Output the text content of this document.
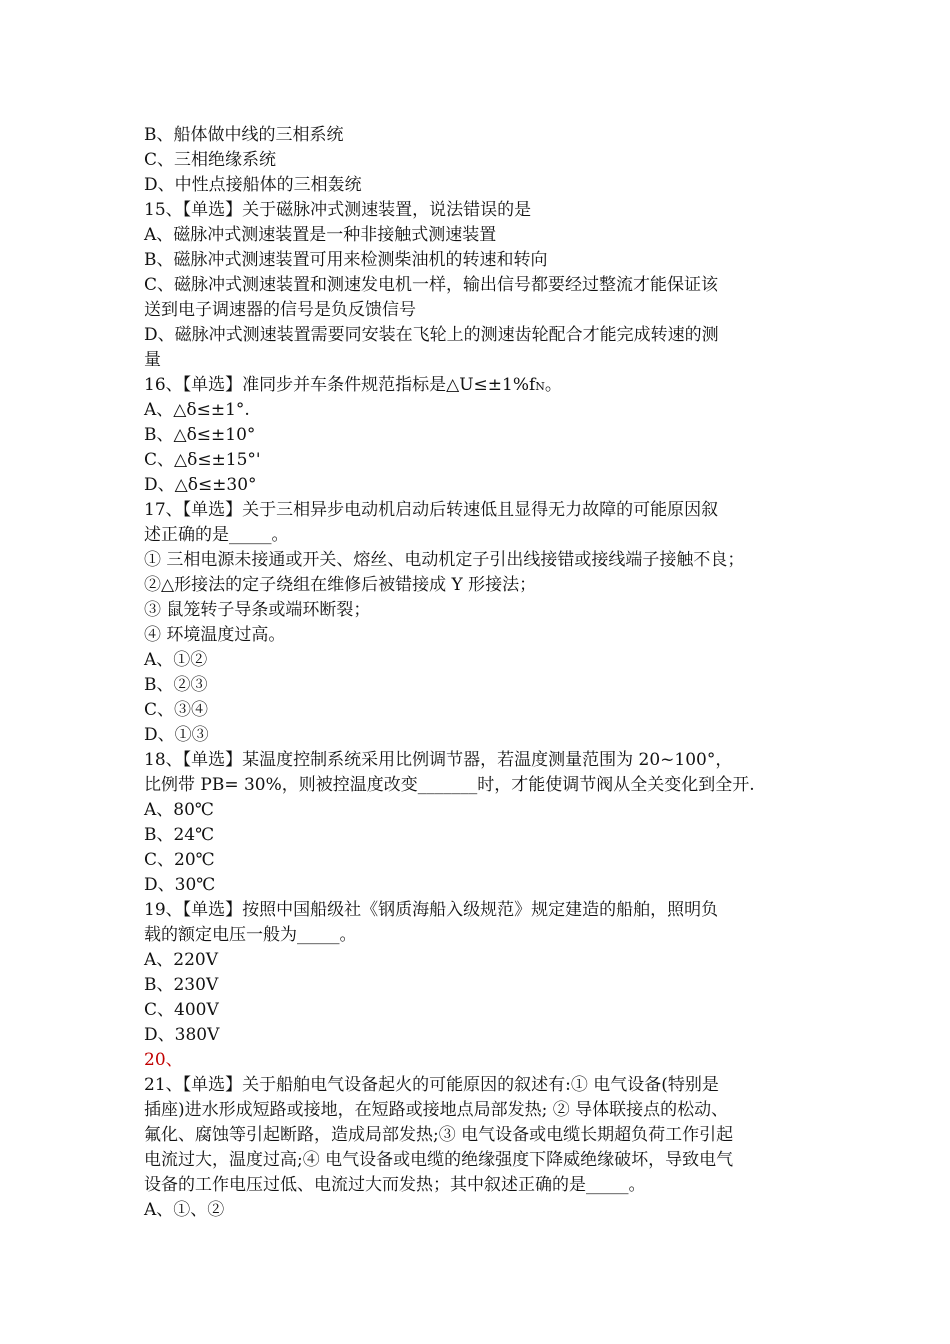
B、船体做中线的三相系统
C、三相绝缘系统
D、中性点接船体的三相轰统
15、【单选】关于磁脉冲式测速装置，说法错误的是
A、磁脉冲式测速装置是一种非接触式测速装置
B、磁脉冲式测速装置可用来检测柴油机的转速和转向
C、磁脉冲式测速装置和测速发电机一样，输出信号都要经过整流才能保证该
送到电子调速器的信号是负反馈信号
D、磁脉冲式测速装置需要同安装在飞轮上的测速齿轮配合才能完成转速的测
量
16、【单选】准同步并车条件规范指标是△U≤±1%fN。
A、△δ≤±1°.
B、△δ≤±10°
C、△δ≤±15°'
D、△δ≤±30°
17、【单选】关于三相异步电动机启动后转速低且显得无力故障的可能原因叙
述正确的是_____。
① 三相电源未接通或开关、熔丝、电动机定子引出线接错或接线端子接触不良；
②△形接法的定子绕组在维修后被错接成 Y 形接法；
③ 鼠笼转子导条或端环断裂；
④ 环境温度过高。
A、①②
B、②③
C、③④
D、①③
18、【单选】某温度控制系统采用比例调节器，若温度测量范围为 20~100°，
比例带 PB= 30%，则被控温度改变_______时，才能使调节阀从全关变化到全开.
A、80℃
B、24℃
C、20℃
D、30℃
19、【单选】按照中国船级社《钢质海船入级规范》规定建造的船舶，照明负
载的额定电压一般为_____。
A、220V
B、230V
C、400V
D、380V
20、
21、【单选】关于船舶电气设备起火的可能原因的叙述有:① 电气设备(特别是
插座)进水形成短路或接地，在短路或接地点局部发热; ② 导体联接点的松动、
氟化、腐蚀等引起断路，造成局部发热;③ 电气设备或电缆长期超负荷工作引起
电流过大，温度过高;④ 电气设备或电缆的绝缘强度下降威绝缘破坏，导致电气
设备的工作电压过低、电流过大而发热；其中叙述正确的是_____。
A、①、②
